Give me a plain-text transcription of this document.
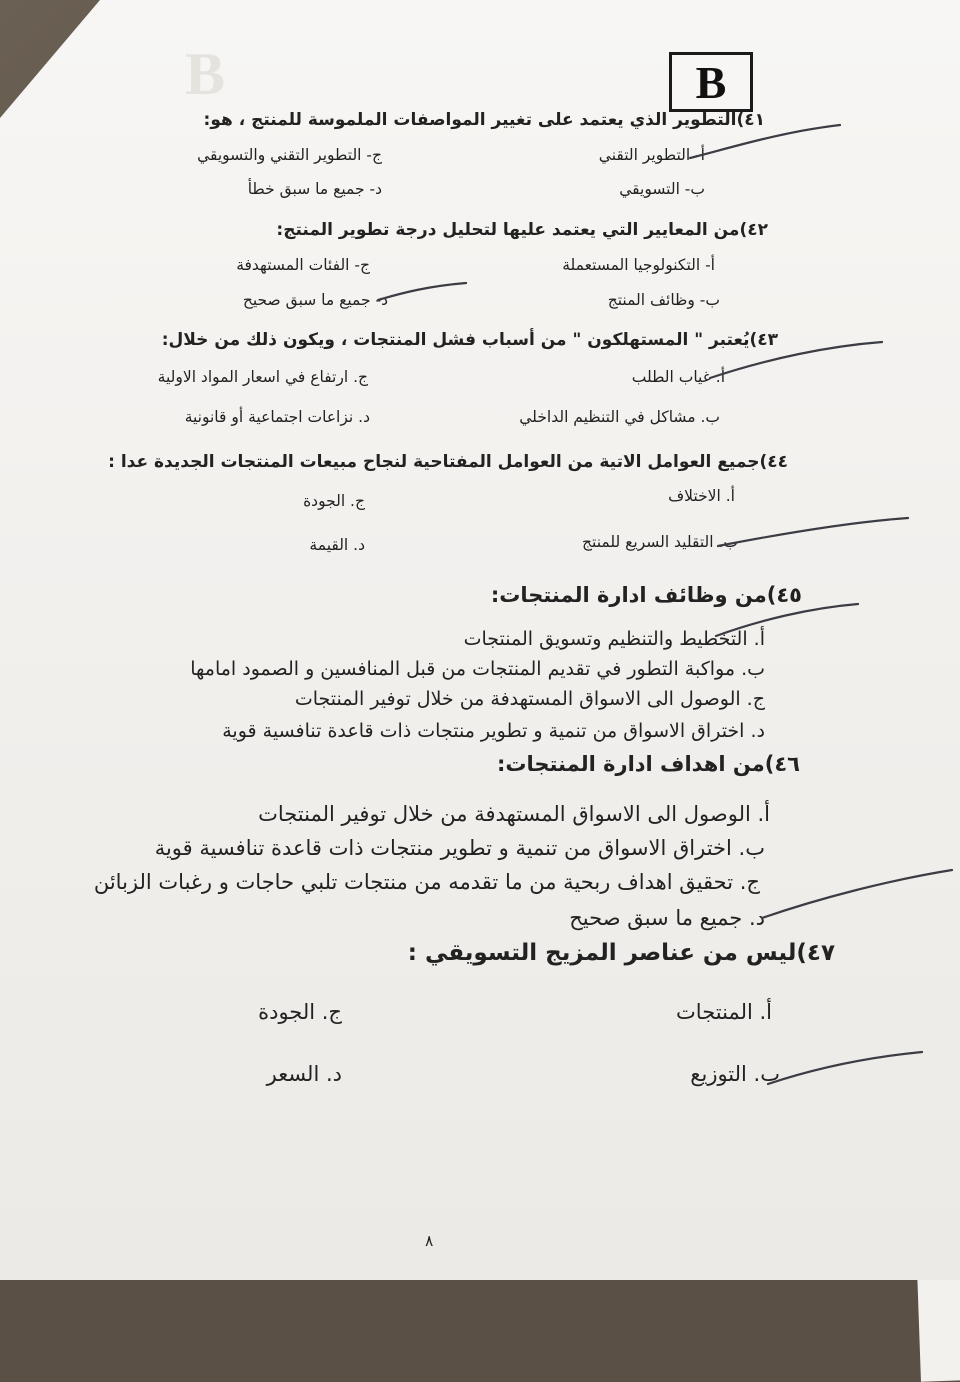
B	B
٤١)التطوير الذي يعتمد على تغيير المواصفات الملموسة للمنتج ، هو:
أ- التطوير التقني
ج- التطوير التقني والتسويقي
ب- التسويقي
د- جميع ما سبق خطأ
٤٢)من المعايير التي يعتمد عليها لتحليل درجة تطوير المنتج:
أ- التكنولوجيا المستعملة
ج- الفئات المستهدفة
ب- وظائف المنتج
د- جميع ما سبق صحيح
٤٣)يُعتبر " المستهلكون " من أسباب فشل المنتجات ، ويكون ذلك من خلال:
أ. غياب الطلب
ج. ارتفاع في اسعار المواد الاولية
ب. مشاكل في التنظيم الداخلي
د. نزاعات اجتماعية أو قانونية
٤٤)جميع العوامل الاتية من العوامل المفتاحية لنجاح مبيعات المنتجات الجديدة عدا :
أ. الاختلاف
ج. الجودة
ب. التقليد السريع للمنتج
د. القيمة
٤٥)من وظائف ادارة المنتجات:
أ. التخطيط والتنظيم وتسويق المنتجات
ب. مواكبة التطور في تقديم المنتجات من قبل المنافسين و الصمود امامها
ج. الوصول الى الاسواق المستهدفة من خلال توفير المنتجات
د. اختراق الاسواق من تنمية و تطوير منتجات ذات قاعدة تنافسية قوية
٤٦)من اهداف ادارة المنتجات:
أ. الوصول الى الاسواق المستهدفة من خلال توفير المنتجات
ب. اختراق الاسواق من تنمية و تطوير منتجات ذات قاعدة تنافسية قوية
ج. تحقيق اهداف ربحية من ما تقدمه من منتجات تلبي حاجات و رغبات الزبائن
د. جميع ما سبق صحيح
٤٧)ليس من عناصر المزيج التسويقي :
أ. المنتجات
ج. الجودة
ب. التوزيع
د. السعر
٨
